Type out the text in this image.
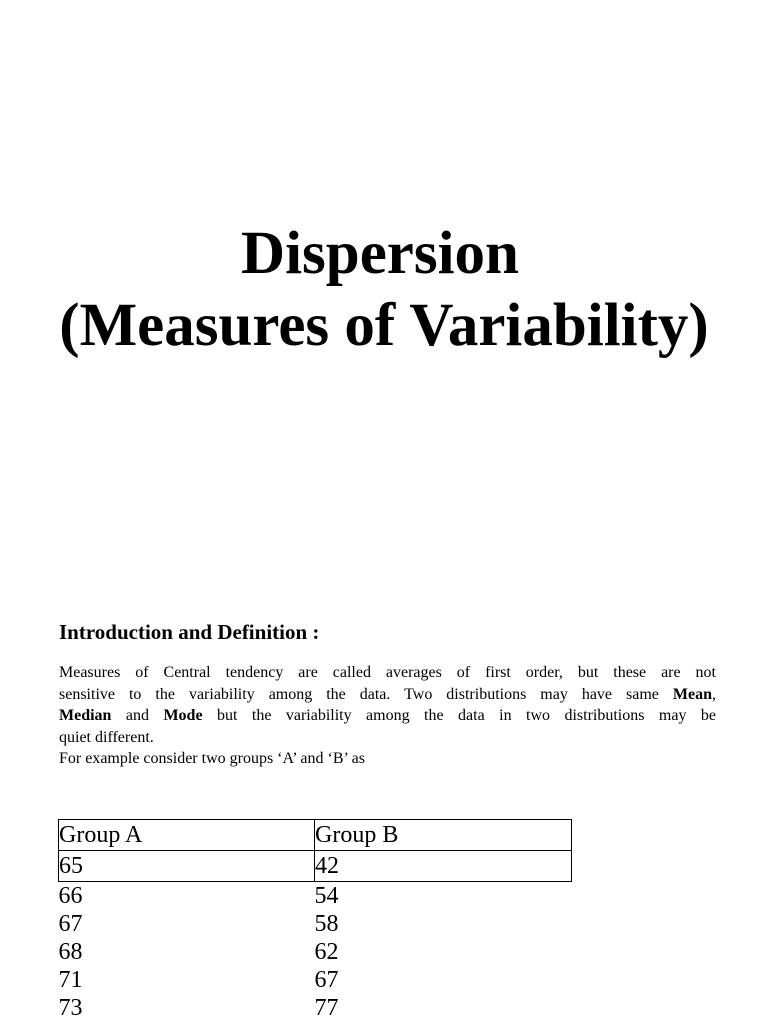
Dispersion
(Measures of Variability)
Introduction and Definition :
Measures of Central tendency are called averages of first order, but these are not
sensitive to the variability among the data. Two distributions may have same Mean,
Median and Mode but the variability among the data in two distributions may be
quiet different.
For example consider two groups ‘A’ and ‘B’ as
Group A	Group B
65	42
66	54
67	58
68	62
71	67
73	77
